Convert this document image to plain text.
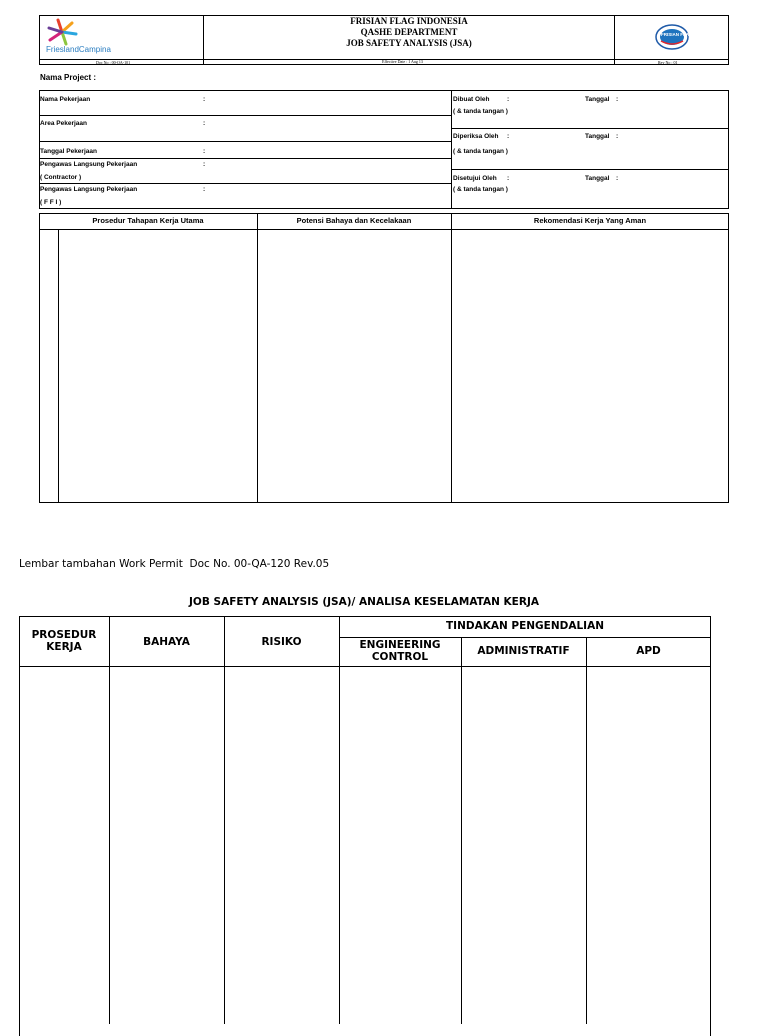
FrieslandCampina
FRISIAN FLAG INDONESIA
QASHE DEPARTMENT
JOB SAFETY ANALYSIS (JSA)
FRISIAN FLAG
Doc No : 00-QA-101	Effective Date : 1 Aug 13	Rev No : 01
Nama Project :
Nama Pekerjaan	:
Area Pekerjaan	:
Tanggal Pekerjaan	:
Pengawas Langsung Pekerjaan	:
( Contractor )
Pengawas Langsung Pekerjaan	:
( F F I )
Dibuat Oleh	:	Tanggal :
( & tanda tangan )
Diperiksa Oleh :	Tanggal :
( & tanda tangan )
Disetujui Oleh :	Tanggal :
( & tanda tangan )
Prosedur Tahapan Kerja Utama	Potensi Bahaya dan Kecelakaan	Rekomendasi Kerja Yang Aman
Lembar tambahan Work Permit  Doc No. 00-QA-120 Rev.05
JOB SAFETY ANALYSIS (JSA)/ ANALISA KESELAMATAN KERJA
PROSEDUR KERJA	BAHAYA	RISIKO
TINDAKAN PENGENDALIAN
ENGINEERING CONTROL	ADMINISTRATIF	APD
